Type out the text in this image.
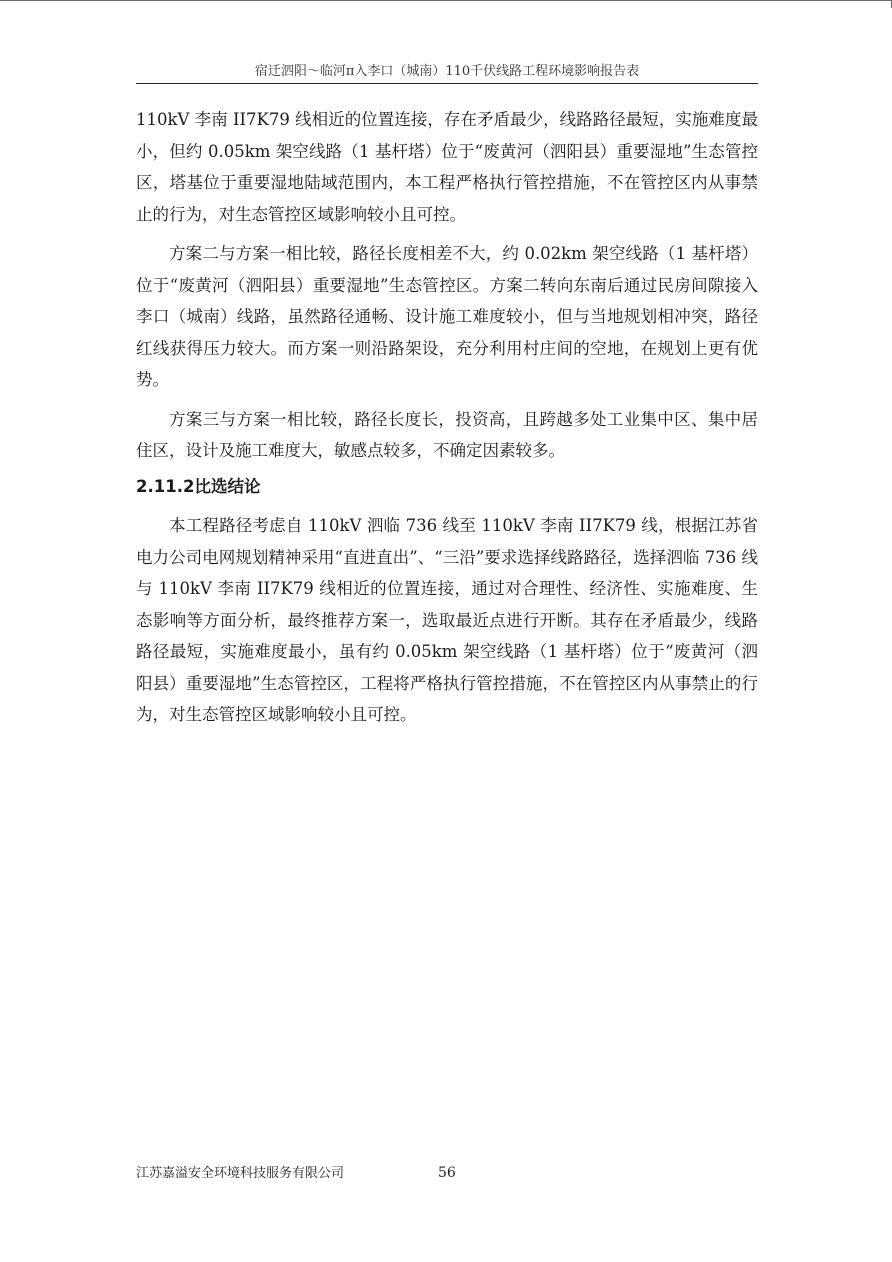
宿迁泗阳～临河π入李口（城南）110千伏线路工程环境影响报告表

110kV 李南 II7K79 线相近的位置连接，存在矛盾最少，线路路径最短，实施难度最小，但约 0.05km 架空线路（1 基杆塔）位于“废黄河（泗阳县）重要湿地”生态管控区，塔基位于重要湿地陆域范围内，本工程严格执行管控措施，不在管控区内从事禁止的行为，对生态管控区域影响较小且可控。

方案二与方案一相比较，路径长度相差不大，约 0.02km 架空线路（1 基杆塔）位于“废黄河（泗阳县）重要湿地”生态管控区。方案二转向东南后通过民房间隙接入李口（城南）线路，虽然路径通畅、设计施工难度较小，但与当地规划相冲突，路径红线获得压力较大。而方案一则沿路架设，充分利用村庄间的空地，在规划上更有优势。

方案三与方案一相比较，路径长度长，投资高，且跨越多处工业集中区、集中居住区，设计及施工难度大，敏感点较多，不确定因素较多。

2.11.2比选结论

本工程路径考虑自 110kV 泗临 736 线至 110kV 李南 II7K79 线，根据江苏省电力公司电网规划精神采用“直进直出”、“三沿”要求选择线路路径，选择泗临 736 线与 110kV 李南 II7K79 线相近的位置连接，通过对合理性、经济性、实施难度、生态影响等方面分析，最终推荐方案一，选取最近点进行开断。其存在矛盾最少，线路路径最短，实施难度最小，虽有约 0.05km 架空线路（1 基杆塔）位于“废黄河（泗阳县）重要湿地”生态管控区，工程将严格执行管控措施，不在管控区内从事禁止的行为，对生态管控区域影响较小且可控。

江苏嘉溢安全环境科技服务有限公司	56
